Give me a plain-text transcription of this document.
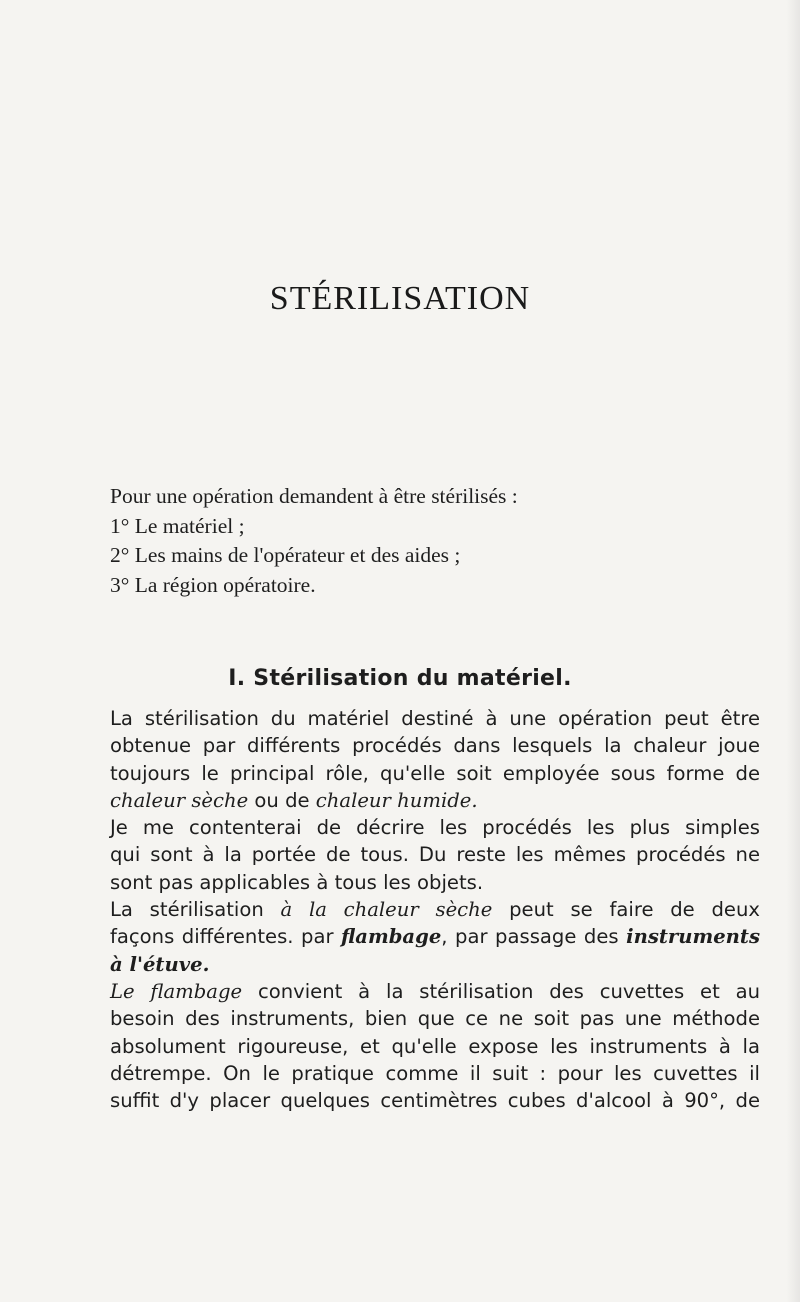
STÉRILISATION
Pour une opération demandent à être stérilisés :
1° Le matériel ;
2° Les mains de l'opérateur et des aides ;
3° La région opératoire.
I. Stérilisation du matériel.
La stérilisation du matériel destiné à une opération peut être
obtenue par différents procédés dans lesquels la chaleur joue
toujours le principal rôle, qu'elle soit employée sous forme de
chaleur sèche ou de chaleur humide.
Je me contenterai de décrire les procédés les plus simples
qui sont à la portée de tous. Du reste les mêmes procédés ne
sont pas applicables à tous les objets.
La stérilisation à la chaleur sèche peut se faire de deux
façons différentes. par flambage, par passage des instruments
à l'étuve.
Le flambage convient à la stérilisation des cuvettes et au
besoin des instruments, bien que ce ne soit pas une méthode
absolument rigoureuse, et qu'elle expose les instruments à la
détrempe. On le pratique comme il suit : pour les cuvettes il
suffit d'y placer quelques centimètres cubes d'alcool à 90°, de
